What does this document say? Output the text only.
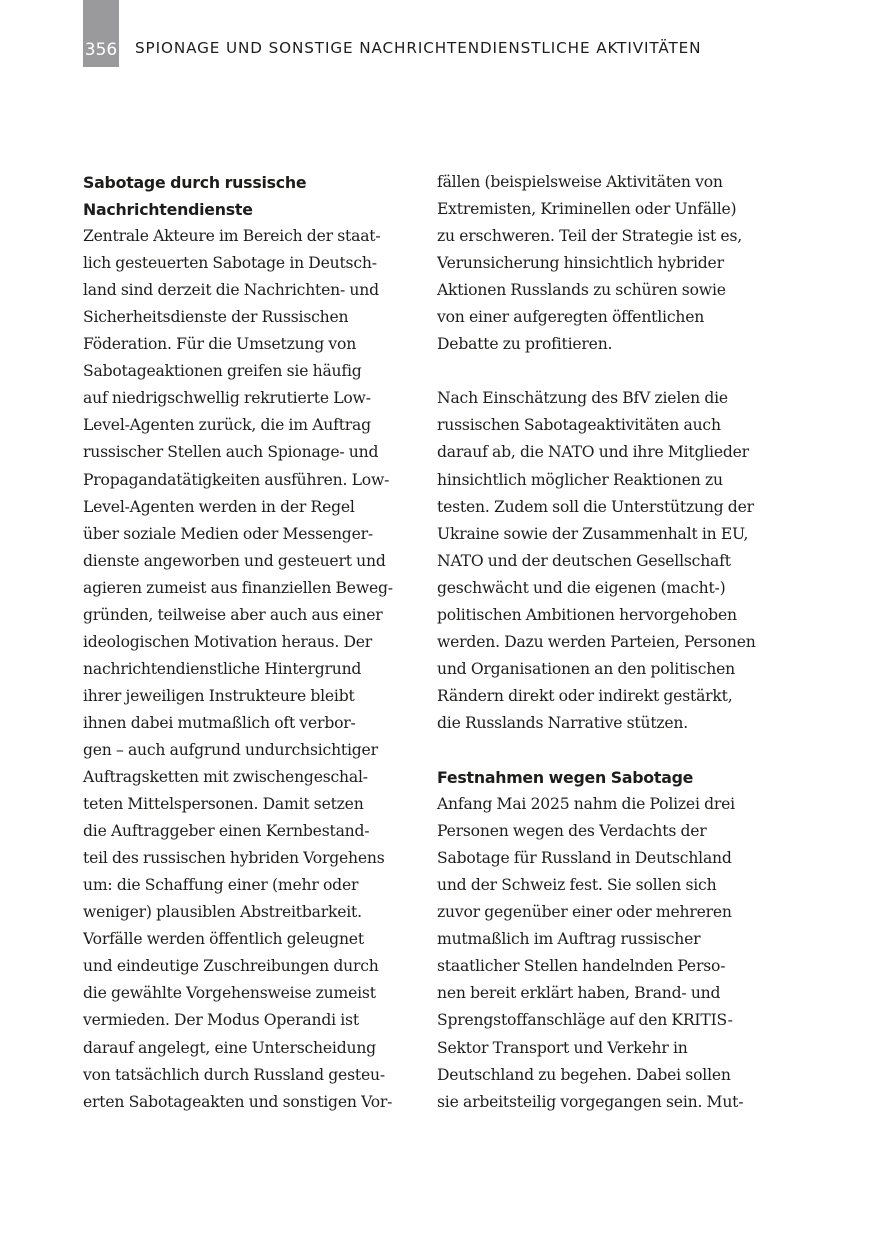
356 SPIONAGE UND SONSTIGE NACHRICHTENDIENSTLICHE AKTIVITÄTEN
Sabotage durch russische
Nachrichtendienste
Zentrale Akteure im Bereich der staat-
lich gesteuerten Sabotage in Deutsch-
land sind derzeit die Nachrichten- und
Sicherheitsdienste der Russischen
Föderation. Für die Umsetzung von
Sabotageaktionen greifen sie häufig
auf niedrigschwellig rekrutierte Low-
Level-Agenten zurück, die im Auftrag
russischer Stellen auch Spionage- und
Propagandatätigkeiten ausführen. Low-
Level-Agenten werden in der Regel
über soziale Medien oder Messenger-
dienste angeworben und gesteuert und
agieren zumeist aus finanziellen Beweg-
gründen, teilweise aber auch aus einer
ideologischen Motivation heraus. Der
nachrichtendienstliche Hintergrund
ihrer jeweiligen Instrukteure bleibt
ihnen dabei mutmaßlich oft verbor-
gen – auch aufgrund undurchsichtiger
Auftragsketten mit zwischengeschal-
teten Mittelspersonen. Damit setzen
die Auftraggeber einen Kernbestand-
teil des russischen hybriden Vorgehens
um: die Schaffung einer (mehr oder
weniger) plausiblen Abstreitbarkeit.
Vorfälle werden öffentlich geleugnet
und eindeutige Zuschreibungen durch
die gewählte Vorgehensweise zumeist
vermieden. Der Modus Operandi ist
darauf angelegt, eine Unterscheidung
von tatsächlich durch Russland gesteu-
erten Sabotageakten und sonstigen Vor-
fällen (beispielsweise Aktivitäten von
Extremisten, Kriminellen oder Unfälle)
zu erschweren. Teil der Strategie ist es,
Verunsicherung hinsichtlich hybrider
Aktionen Russlands zu schüren sowie
von einer aufgeregten öffentlichen
Debatte zu profitieren.
Nach Einschätzung des BfV zielen die
russischen Sabotageaktivitäten auch
darauf ab, die NATO und ihre Mitglieder
hinsichtlich möglicher Reaktionen zu
testen. Zudem soll die Unterstützung der
Ukraine sowie der Zusammenhalt in EU,
NATO und der deutschen Gesellschaft
geschwächt und die eigenen (macht-)
politischen Ambitionen hervorgehoben
werden. Dazu werden Parteien, Personen
und Organisationen an den politischen
Rändern direkt oder indirekt gestärkt,
die Russlands Narrative stützen.
Festnahmen wegen Sabotage
Anfang Mai 2025 nahm die Polizei drei
Personen wegen des Verdachts der
Sabotage für Russland in Deutschland
und der Schweiz fest. Sie sollen sich
zuvor gegenüber einer oder mehreren
mutmaßlich im Auftrag russischer
staatlicher Stellen handelnden Perso-
nen bereit erklärt haben, Brand- und
Sprengstoffanschläge auf den KRITIS-
Sektor Transport und Verkehr in
Deutschland zu begehen. Dabei sollen
sie arbeitsteilig vorgegangen sein. Mut-
